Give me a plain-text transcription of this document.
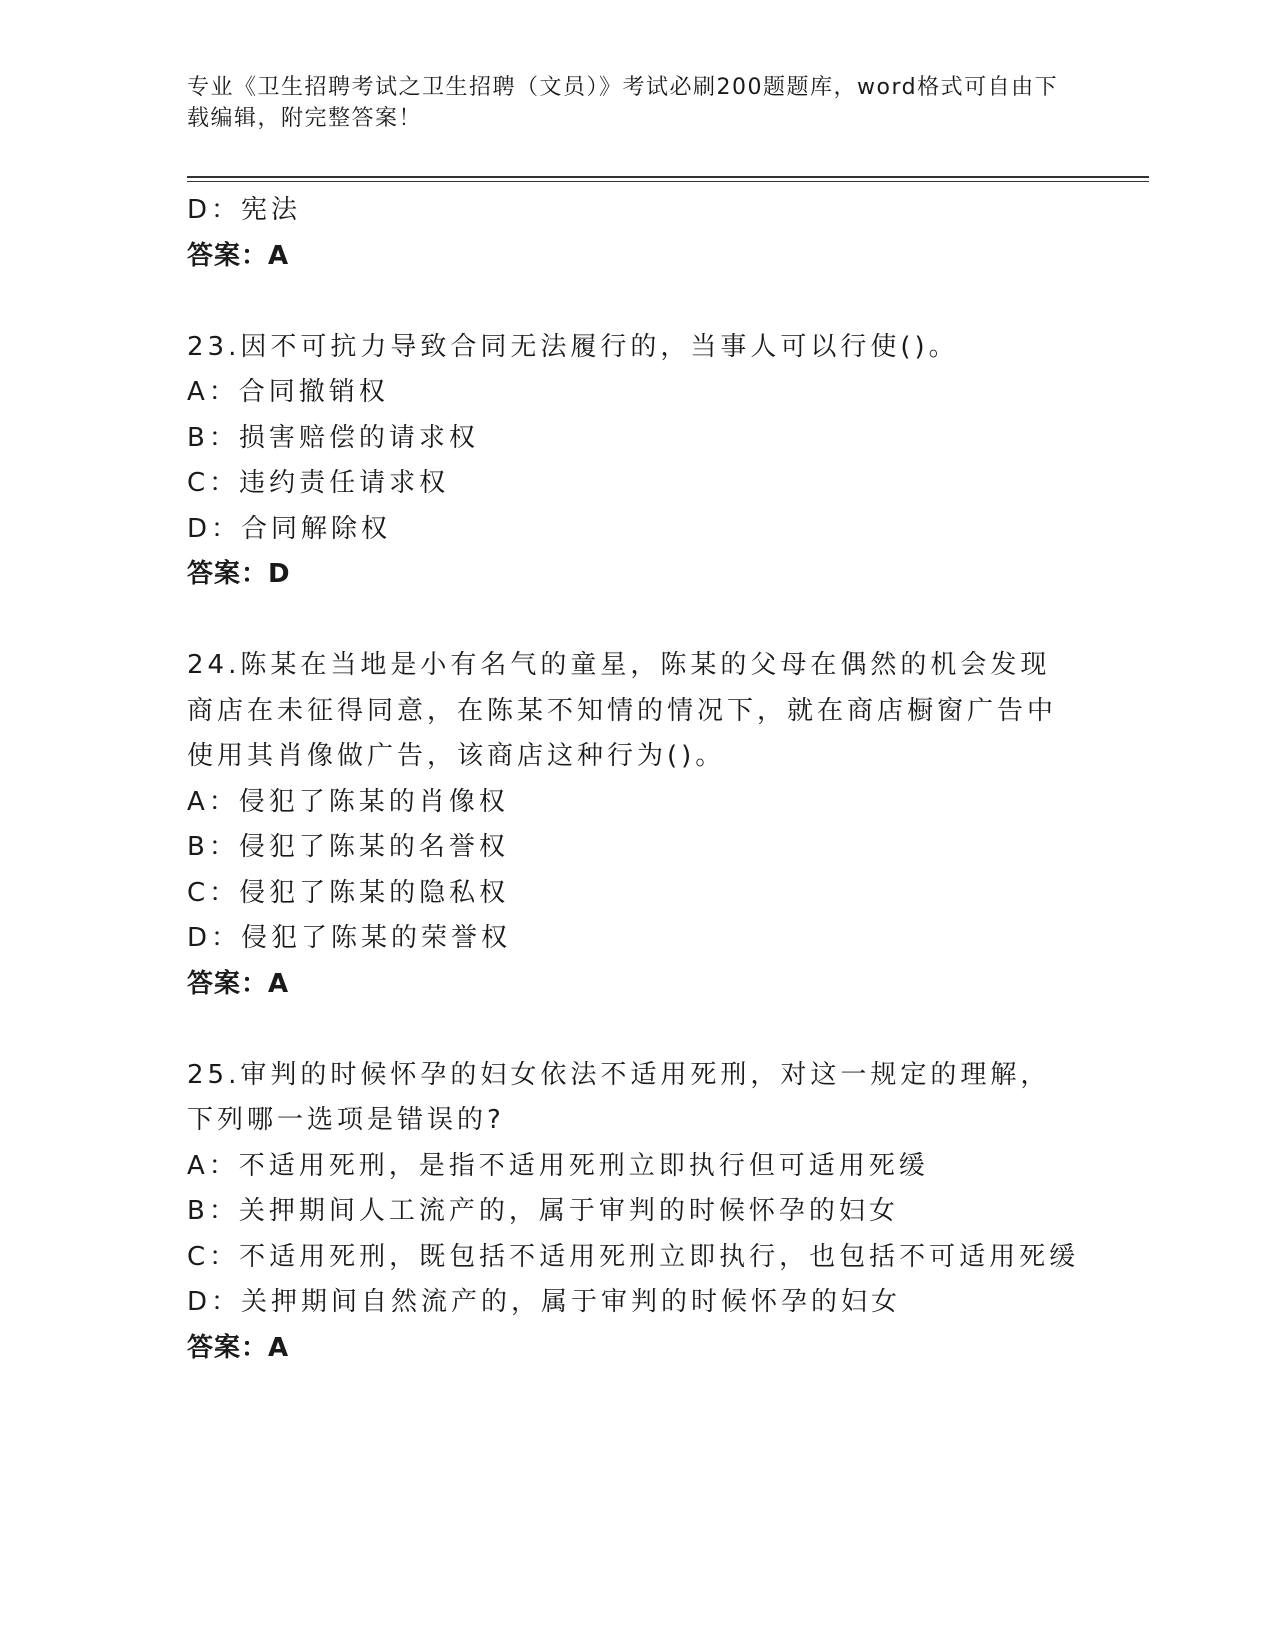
专业《卫生招聘考试之卫生招聘（文员）》考试必刷200题题库，word格式可自由下载编辑，附完整答案！
D：宪法
答案：A
23.因不可抗力导致合同无法履行的，当事人可以行使()。
A：合同撤销权
B：损害赔偿的请求权
C：违约责任请求权
D：合同解除权
答案：D
24.陈某在当地是小有名气的童星，陈某的父母在偶然的机会发现商店在未征得同意，在陈某不知情的情况下，就在商店橱窗广告中使用其肖像做广告，该商店这种行为()。
A：侵犯了陈某的肖像权
B：侵犯了陈某的名誉权
C：侵犯了陈某的隐私权
D：侵犯了陈某的荣誉权
答案：A
25.审判的时候怀孕的妇女依法不适用死刑，对这一规定的理解，下列哪一选项是错误的?
A：不适用死刑，是指不适用死刑立即执行但可适用死缓
B：关押期间人工流产的，属于审判的时候怀孕的妇女
C：不适用死刑，既包括不适用死刑立即执行，也包括不可适用死缓
D：关押期间自然流产的，属于审判的时候怀孕的妇女
答案：A
